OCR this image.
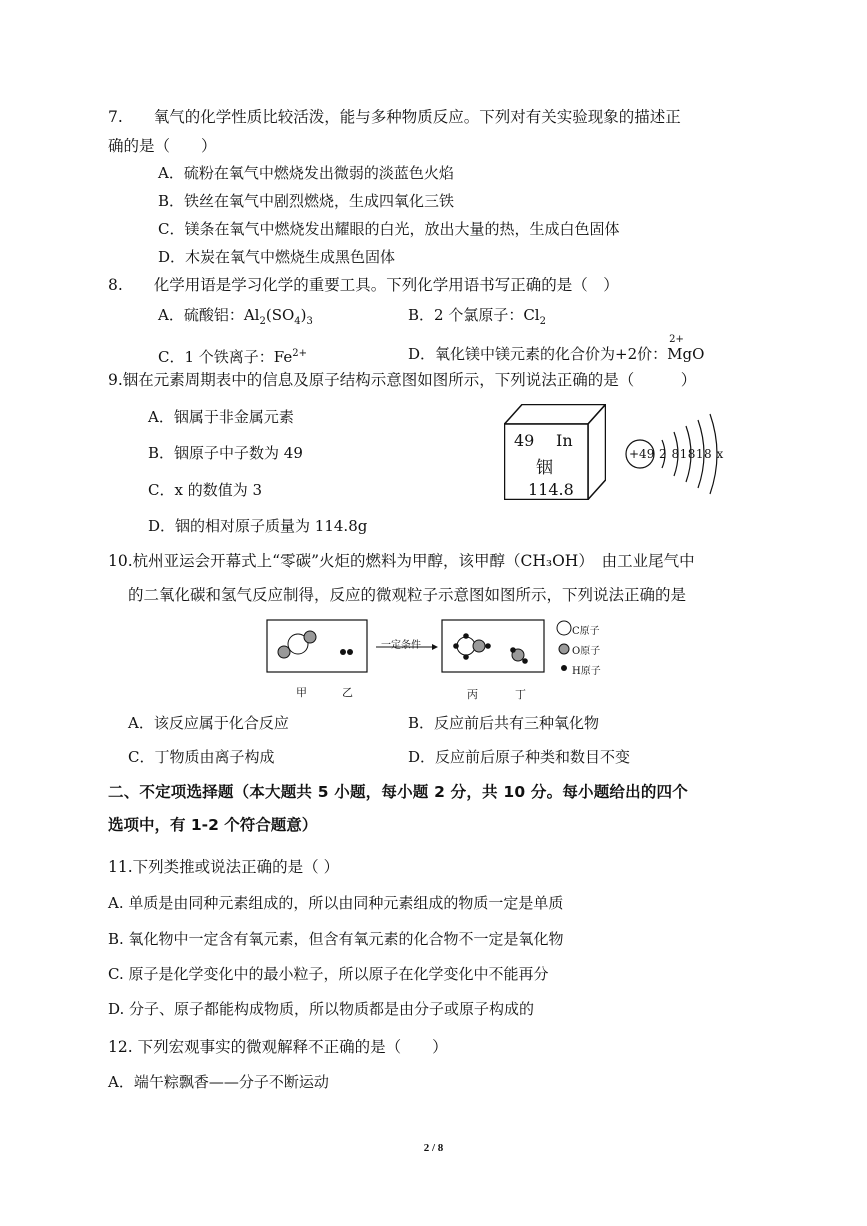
7.　　氧气的化学性质比较活泼，能与多种物质反应。下列对有关实验现象的描述正
确的是（　　）
A．硫粉在氧气中燃烧发出微弱的淡蓝色火焰
B．铁丝在氧气中剧烈燃烧，生成四氧化三铁
C．镁条在氧气中燃烧发出耀眼的白光，放出大量的热，生成白色固体
D．木炭在氧气中燃烧生成黑色固体
8.　　化学用语是学习化学的重要工具。下列化学用语书写正确的是（　）
A．硫酸铝：$Al_2(SO_4)_3$	B．2 个氯原子：$Cl_2$
C．1 个铁离子：$Fe^{2+}$	D．氧化镁中镁元素的化合价为+2价：
2+
MgO
9.铟在元素周期表中的信息及原子结构示意图如图所示，下列说法正确的是（　　　）
A．铟属于非金属元素
B．铟原子中子数为 49
C．x 的数值为 3
D．铟的相对原子质量为 114.8g
49 In
铟
114.8
+49 2 81818 x
10.杭州亚运会开幕式上“零碳”火炬的燃料为甲醇，该甲醇（CH₃OH）　由工业尾气中
的二氧化碳和氢气反应制得，反应的微观粒子示意图如图所示，下列说法正确的是
一定条件
C原子
O原子
H原子
甲	乙	丙	丁
A．该反应属于化合反应	B．反应前后共有三种氧化物
C．丁物质由离子构成	D．反应前后原子种类和数目不变
二、不定项选择题（本大题共 5 小题，每小题 2 分，共 10 分。每小题给出的四个
选项中，有 1-2 个符合题意）
11.下列类推或说法正确的是（ ）
A. 单质是由同种元素组成的，所以由同种元素组成的物质一定是单质
B. 氧化物中一定含有氧元素，但含有氧元素的化合物不一定是氧化物
C. 原子是化学变化中的最小粒子，所以原子在化学变化中不能再分
D. 分子、原子都能构成物质，所以物质都是由分子或原子构成的
12. 下列宏观事实的微观解释不正确的是（　　）
A．端午粽飘香——分子不断运动
2 / 8
